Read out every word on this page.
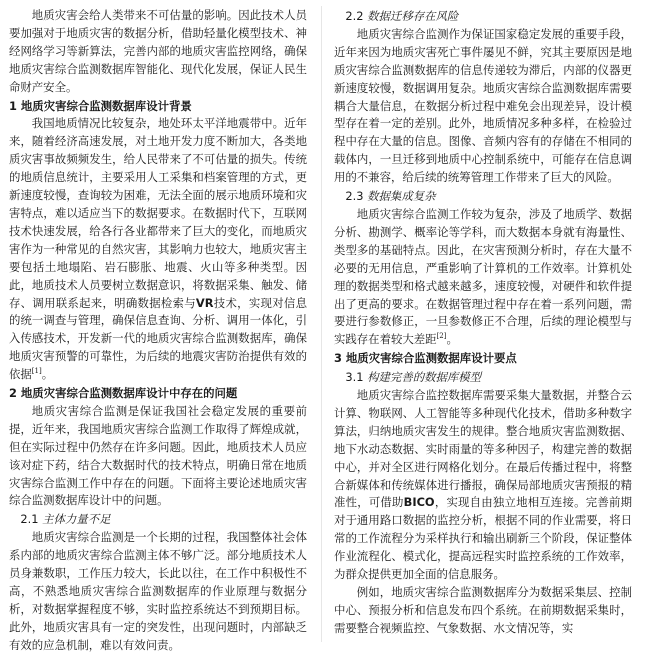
地质灾害会给人类带来不可估量的影响。因此技术人员要加强对于地质灾害的数据分析，借助轻量化模型技术、神经网络学习等新算法，完善内部的地质灾害监控网络，确保地质灾害综合监测数据库智能化、现代化发展，保证人民生命财产安全。

1 地质灾害综合监测数据库设计背景

我国地质情况比较复杂，地处环太平洋地震带中。近年来，随着经济高速发展，对土地开发力度不断加大，各类地质灾害事故频频发生，给人民带来了不可估量的损失。传统的地质信息统计，主要采用人工采集和档案管理的方式，更新速度较慢，查询较为困难，无法全面的展示地质环境和灾害特点，难以适应当下的数据要求。在数据时代下，互联网技术快速发展，给各行各业都带来了巨大的变化，而地质灾害作为一种常见的自然灾害，其影响力也较大，地质灾害主要包括土地塌陷、岩石膨胀、地震、火山等多种类型。因此，地质技术人员要树立数据意识，将数据采集、触发、储存、调用联系起来，明确数据检索与VR技术，实现对信息的统一调查与管理，确保信息查询、分析、调用一体化，引入传感技术，开发新一代的地质灾害综合监测数据库，确保地质灾害预警的可靠性，为后续的地震灾害防治提供有效的依据[1]。

2 地质灾害综合监测数据库设计中存在的问题

地质灾害综合监测是保证我国社会稳定发展的重要前提，近年来，我国地质灾害综合监测工作取得了辉煌成就，但在实际过程中仍然存在许多问题。因此，地质技术人员应该对症下药，结合大数据时代的技术特点，明确日常在地质灾害综合监测工作中存在的问题。下面将主要论述地质灾害综合监测数据库设计中的问题。

2.1 主体力量不足

地质灾害综合监测是一个长期的过程，我国整体社会体系内部的地质灾害综合监测主体不够广泛。部分地质技术人员身兼数职，工作压力较大，长此以往，在工作中积极性不高，不熟悉地质灾害综合监测数据库的作业原理与数据分析，对数据掌握程度不够，实时监控系统达不到预期目标。此外，地质灾害具有一定的突发性，出现问题时，内部缺乏有效的应急机制，难以有效问责。

2.2 数据迁移存在风险

地质灾害综合监测作为保证国家稳定发展的重要手段，近年来因为地质灾害死亡事件屡见不鲜，究其主要原因是地质灾害综合监测数据库的信息传递较为滞后，内部的仪器更新速度较慢，数据调用复杂。地质灾害综合监测数据库需要耦合大量信息，在数据分析过程中难免会出现差异，设计模型存在着一定的差别。此外，地质情况多种多样，在检验过程中存在大量的信息。图像、音频内容有的存储在不相同的载体内，一旦迁移到地质中心控制系统中，可能存在信息调用的不兼容，给后续的统筹管理工作带来了巨大的风险。

2.3 数据集成复杂

地质灾害综合监测工作较为复杂，涉及了地质学、数据分析、勘测学、概率论等学科，而大数据本身就有海量性、类型多的基础特点。因此，在灾害预测分析时，存在大量不必要的无用信息，严重影响了计算机的工作效率。计算机处理的数据类型和格式越来越多，速度较慢，对硬件和软件提出了更高的要求。在数据管理过程中存在着一系列问题，需要进行参数修正，一旦参数修正不合理，后续的理论模型与实践存在着较大差距[2]。

3 地质灾害综合监测数据库设计要点
3.1 构建完善的数据库模型

地质灾害综合监控数据库需要采集大量数据，并整合云计算、物联网、人工智能等多种现代化技术，借助多种数字算法，归纳地质灾害发生的规律。整合地质灾害监测数据、地下水动态数据、实时雨量的等多种因子，构建完善的数据中心，并对全区进行网格化划分。在最后传播过程中，将整合新媒体和传统媒体进行播报，确保局部地质灾害预报的精准性，可借助BICO，实现自由独立地相互连接。完善前期对于通用路口数据的监控分析，根据不同的作业需要，将日常的工作流程分为采样执行和输出刷新三个阶段，保证整体作业流程化、模式化，提高远程实时监控系统的工作效率，为群众提供更加全面的信息服务。

例如，地质灾害综合监测数据库分为数据采集层、控制中心、预报分析和信息发布四个系统。在前期数据采集时，需要整合视频监控、气象数据、水文情况等，实
